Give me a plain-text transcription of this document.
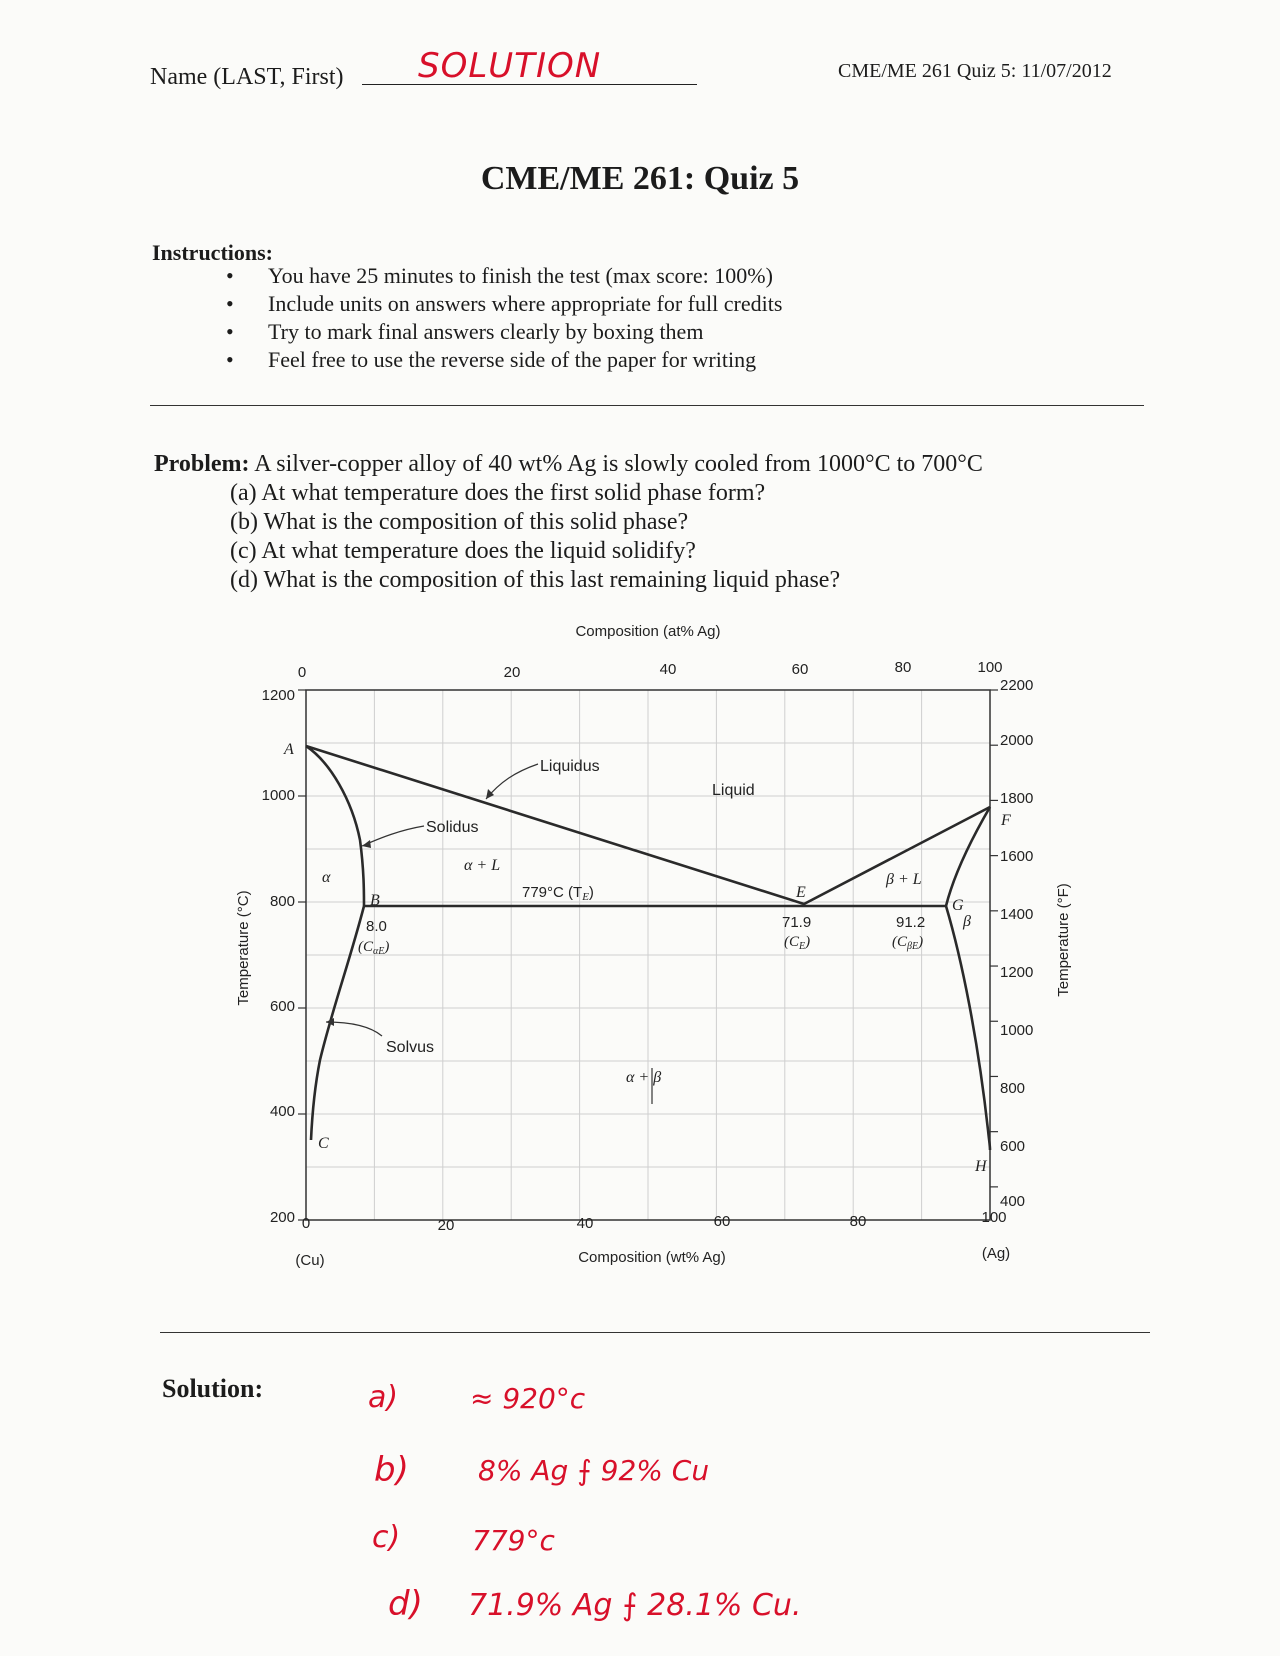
Name (LAST, First) SOLUTION	CME/ME 261 Quiz 5: 11/07/2012
CME/ME 261: Quiz 5
Instructions:
• You have 25 minutes to finish the test (max score: 100%)
• Include units on answers where appropriate for full credits
• Try to mark final answers clearly by boxing them
• Feel free to use the reverse side of the paper for writing
Problem: A silver-copper alloy of 40 wt% Ag is slowly cooled from 1000°C to 700°C
(a) At what temperature does the first solid phase form?
(b) What is the composition of this solid phase?
(c) At what temperature does the liquid solidify?
(d) What is the composition of this last remaining liquid phase?
Composition (at% Ag)
Composition (wt% Ag)
Temperature (°C)	Temperature (°F)
(Cu)	(Ag)
0	20	40	60	80	100
1200
1000
800
600
400
200
2200
2000
1800
1600
1400
1200
1000
800
600
400
0	20	40	60	80	100
A
B
C
E
F
G
H
α
β
α + L
β + L
α + β
Liquidus
Liquid
Solidus
Solvus
779°C $(T_E)$
8.0
$(C_{\alpha E})$
71.9
$(C_E)$
91.2
$(C_{\beta E})$
Solution:	a)	≈ 920°c
b) 8% Ag ⨍ 92% Cu
c)	779°c
d) 71.9% Ag ⨍ 28.1% Cu.
